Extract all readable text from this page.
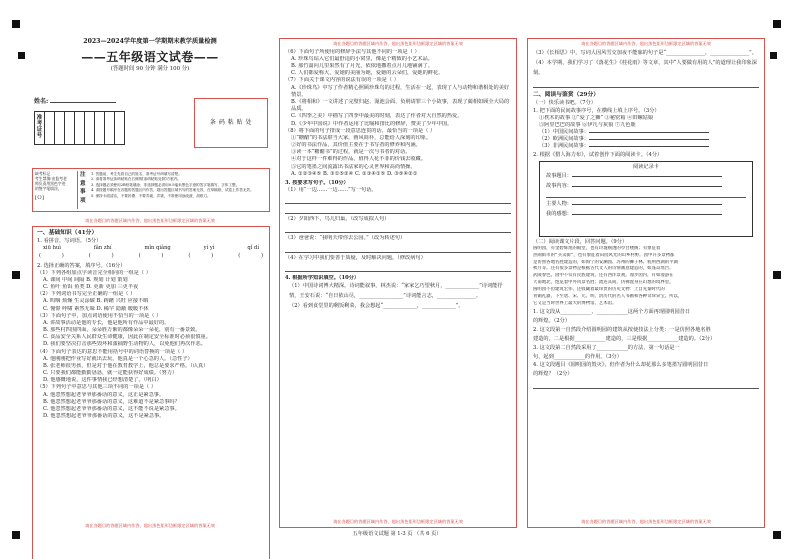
2023—2024学年度第一学期期末教学质量检测
——五年级语文试卷——
(答题时间 90 分钟 满分 100 分)
姓名:
准
考
证
号

条 码 粘 贴 处
缺考标记
考生禁填!由监考老
师负责用黑色字迹
的签字笔填涂。
[Ｏ]
注
意
事
项
1. 答题前，考生先将自己的姓名、准考证号码填写清楚。
2. 请将准考证条码粘贴在右侧的[条码粘贴处]的方框内。
3. 选择题必须使用2B铅笔填涂；非选择题必须用0.5毫米黑色字迹的签字笔填写，字体工整。
4. 请按题号顺序在各题的答题区内作答，超出答题区域书写的答案无效，在草稿纸、试卷上作答无效。
5. 保持卡面清洁，不要折叠、不要弄破、弄皱，不准使用涂改液、刮纸刀。
请在各题目的答题区域内作答，超出黑色矩形边框限定区域的答案无效
一、基础知识（41分）
1. 看拼音，写词语。（5分）
xiū huì	fǎn zhí	mǐn qiǎng	yí yì	qǐ dí
(　　　　)	(　　　　)	(　　　　)	(　　　　)	(　　　　)
2. 选择正确的答案，填序号。（16分）
（1）下列各组加点字读音完全相同的一组是（ ）
A. 课间 中间 间隔 B. 规划 计划 策划
C. 鱼叶 鱼饵 鱼类 D. 更新 更加 三更半夜
（2）下列词语书写完全正确的一组是（ ）
A. 呜咽 烦燥 生灵涂碳 B. 踌躇 兴旺 应接不暇
C. 憧憬 呼啸 素然无味 D. 稀罕 隐蔽 暖暖不休
（3）下面句子中，加点词语使用不恰当的一项是（ ）
A. 讲故事活动是他的专长，他是他所有作品中最好的。
B. 那些村四围四面，朵朵胜万紫的都像朵朵一朵花，别有一番景致。
C. 食品安全关系人民群众生命健康，因此在制定安全标准时必须很慎重。
D. 我们要坚决打击那些毁坏和滥捕野生动物的人，以免他们再次作恶。
（4）下面句子表达的意思不能用括号中的词语替换的一项是（ ）
A. 他刚刚把作业写好就出去玩，他真是一个心急的人。（急性子）
B. 张老师很男孩，但是对于他在教育教学上，他总是要求严格。（认真）
C. 只要我们都能勤勤恳恳，就一定能获得好成绩。（努力）
D. 他感慨地说，这件事情我已经想清楚了。（明白）
（5）下列句子中意思与其他三项不同的一项是（ ）
A. 他忽然想起老爷爷那番话的意义，这正是紧急事。
B. 他忽然想起老爷爷那番话的意义，这难道不是紧急事吗？
C. 他忽然想起老爷爷那番话的意义，这不能不说是紧急事。
D. 他忽然想起老爷爷那番话的意义，这不是紧急事。
请在各题目的答题区域内作答，超出黑色矩形边框限定区域的答案无效
（6）下面句子所使用的修辞手法与其他不同的一项是（ ）
A. 珍珠鸟钻入它们最舒适的小窝里，像是个精致的小艺术品。
B. 那竹篙向儿里果然有了月光，依依地撒着点月儿地铺满了。
C. 人们都爱称大，爱她的美丽为她，爱她的云朵们，爱她的鲜花。
（7）下面关于课文内容的说法有误的一项是（ ）
A.《珍珠鸟》中写了作者精心照顾珍珠鸟的过程，生活在一起，表现了人与动物和谐相处的美好情景。
B.《将相和》一文讲述了完璧归赵、渑池会面、负荆请罪三个小故事，表现了蔺相如顾全大局的品质。
C.《四季之美》中描写了四季中最美的时刻，表达了作者对大自然的热爱。
D.《少年中国说》中作者运用了比喻和排比的修辞，赞美了少年中国。
（8）将下面的句子排成一段意思连贯的话，最恰当的一项是（ ）
①“糖醋”的书法堪当大家，画风简朴，总能给人深刻的印象。
②好的书法作品，其价值主要在于书写者的修养和内涵。
③读一本“糖醋书”的过程，就是一次与书者的对话。
④对于这样一件难得的作品，值得人花不菲的价钱去收藏。
⑤它的笔墨之间流露出书法家的心灵世界和高尚情操。
A. ①②③④⑤ B. ③①⑤②④ C. ②③④①⑤ D. ③⑤④②①
3. 按要求写句子。（10分）
（1）用“一边……一边……”写一句话。
（2）夕阳西下，鸟儿归巢。（改写成拟人句）
（3）爸爸说：“我明天带你去公园。”（改为转述句）
（4）在学习中我们要善于质疑，及时解决问题。（修改病句）
4. 根据所学知识填空。（10分）
（1）中国诗词博大精深。诗词能叙事，林杰说：“家家乞巧望秋月，_____________”诗词能抒情，王安石说：“自日依山尽，_________________”诗词能言志，_______________。
（2）看到食堂里的剩饭剩菜，我会想起“_____________，_____________”。
请在各题目的答题区域内作答，超出黑色矩形边框限定区域的答案无效
请在各题目的答题区域内作答，超出黑色矩形边框限定区域的答案无效
（3）《长相思》中，写词人因风雪交加夜不能寐的句子是“_______________，_______________”。
（4）本学期，我们学习了《落花生》《桂花雨》等文章，其中“人要做有用的人”的道理让我印象深刻。
二、阅读与鉴赏（29分）
（一）快乐读书吧。（7分）
1. 把下面的民间故事序号，在横线上填上序号。（3分）
①枕木的故事 ②“爱了之狮” ③秘密箱 ④田螺姑娘
⑤阿里巴巴的故事 ⑥伊凡与灰狼 ⑦九色鹿
（1）中国民间故事：
（2）欧洲民间故事：
（3）非洲民间故事：
2. 根据《猎人海力布》，试着创作下面的阅读卡。（4分）
阅读记录卡
故事题目：
故事内容：
主要人物：
我的感想：
（二）阅读课文片段，回答问题。（9分）
圆明园，有金碧辉煌的殿堂，也有玲珑剔透的亭台楼阁；有象征着
热闹街市的“买卖街”，也有象征着田园风光的山乡村野。园中许多景物都
是仿照各地名胜建造的，如海宁的安澜园、苏州的狮子林、杭州西湖的平湖
秋月等。还有很多景物是根据古代文人的诗情画意建造的，如蓬岛瑶台、
武陵春色。园中不仅有民族建筑，还有西洋景观。漫步园内，有如漫游在
天南地北，饱览着中外风景名胜；流连其间，仿佛置身在幻想的境界里。
圆明园不但建筑宏伟，还收藏着最珍贵的历史文物：上自先秦时代的
青铜礼器，下至唐、宋、元、明、清历代的名人书画和各种奇珍异宝。所以，
它又是当时世界上最大的博物馆、艺术馆。
1. 这文段从____________、____________这两个方面再现圆明园昔日
的辉煌。（2分）
2. 这文段第一自然段介绍圆明园的建筑从按使技法上分类：一是仿照各地名胜
建造的，二是根据____________建造的，三是根据____________建造的。（2分）
3. 这文段第二自然段采用了____________的方法，第一句话是一
句，起到____________的作用。（3分）
4. 这文段题目《圆明园的毁灭》，但作者为什么却花那么多笔墨写圆明园昔日
的辉煌？（2分）
请在各题目的答题区域内作答，超出黑色矩形边框限定区域的答案无效
请在各题目的答题区域内作答，超出黑色矩形边框限定区域的答案无效
五年级语文试题 第 1-3 页 （共 6 页）
